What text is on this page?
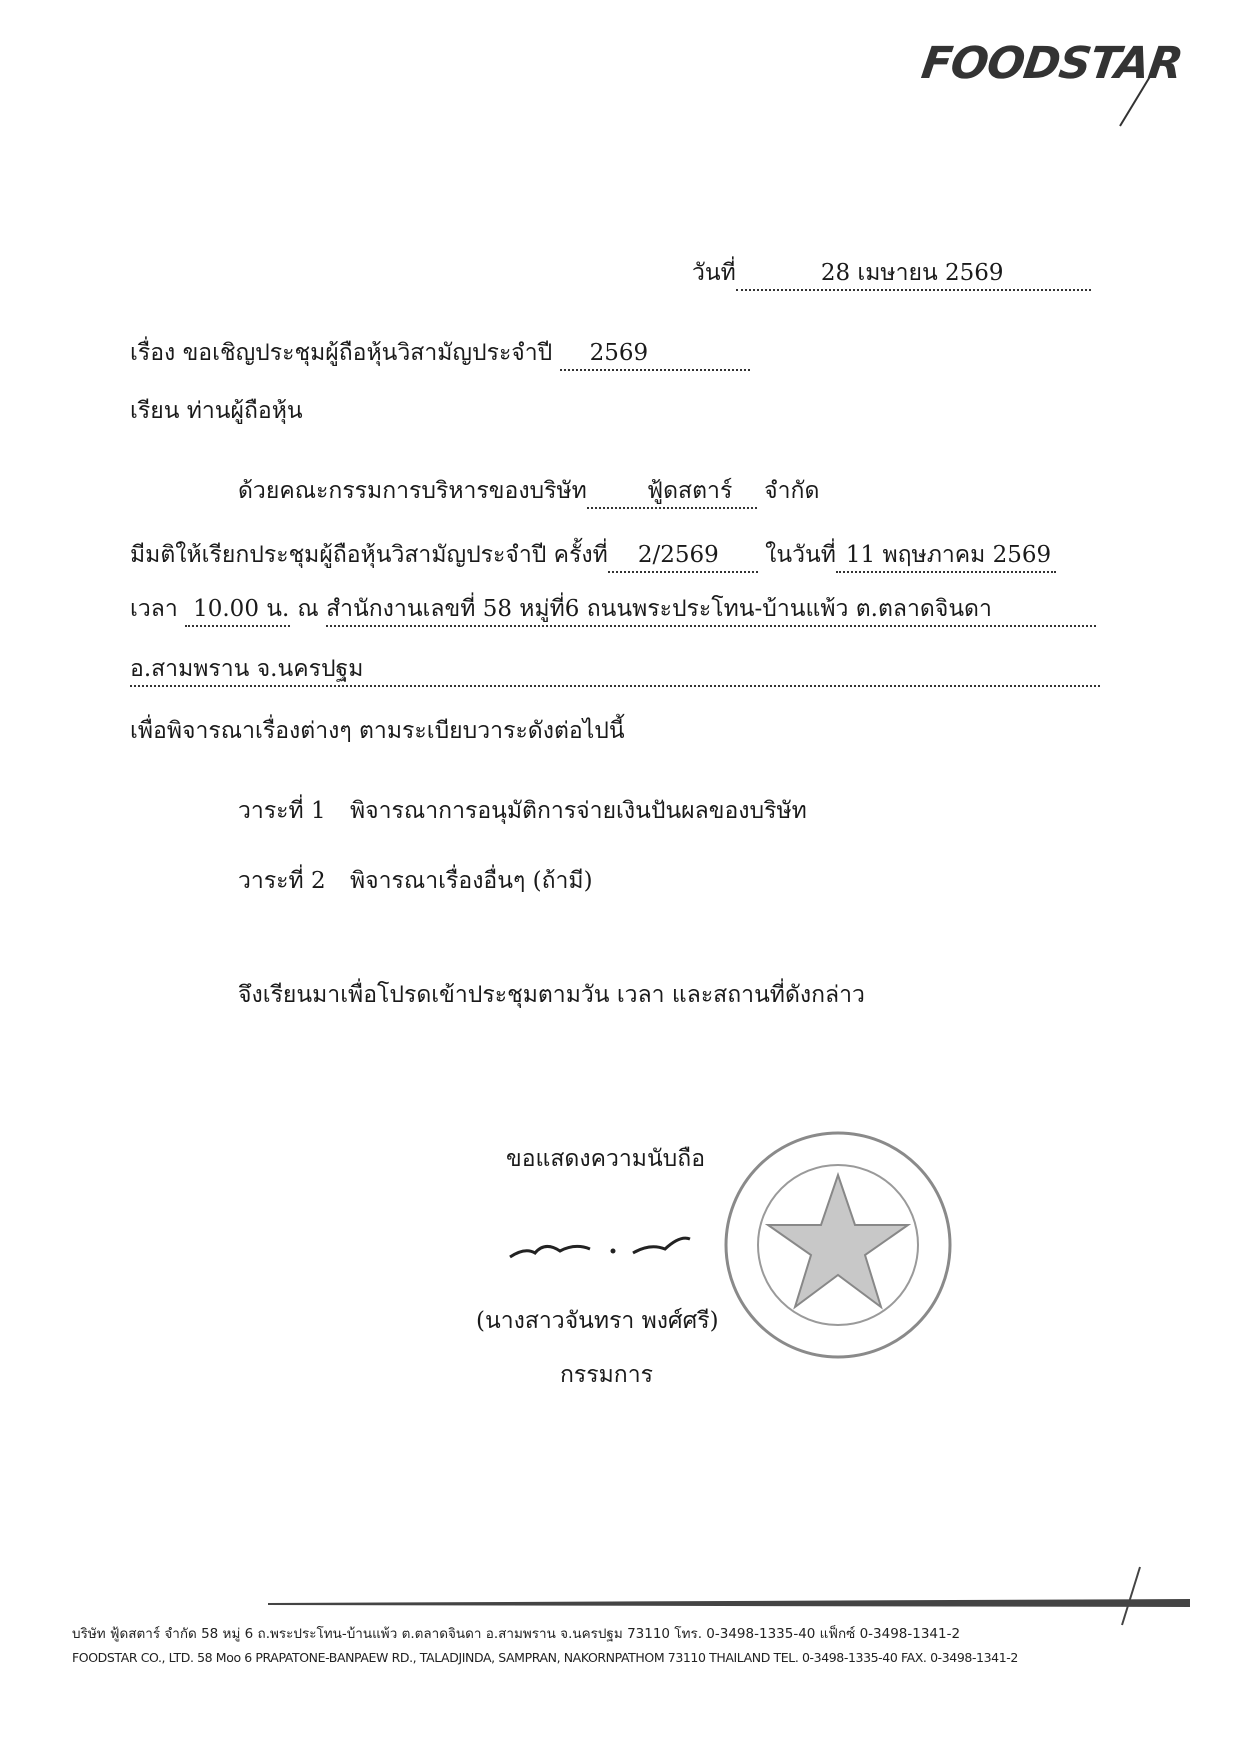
FOODSTAR
วันที่	28 เมษายน 2569
เรื่อง ขอเชิญประชุมผู้ถือหุ้นวิสามัญประจำปี 2569
เรียน ท่านผู้ถือหุ้น
ด้วยคณะกรรมการบริหารของบริษัท	ฟู้ดสตาร์ จำกัด
มีมติให้เรียกประชุมผู้ถือหุ้นวิสามัญประจำปี ครั้งที่ 2/2569 ในวันที่ 11 พฤษภาคม 2569
เวลา 10.00 น. ณ สำนักงานเลขที่ 58 หมู่ที่6 ถนนพระประโทน-บ้านแพ้ว ต.ตลาดจินดา
อ.สามพราน จ.นครปฐม
เพื่อพิจารณาเรื่องต่างๆ ตามระเบียบวาระดังต่อไปนี้
วาระที่ 1 พิจารณาการอนุมัติการจ่ายเงินปันผลของบริษัท
วาระที่ 2 พิจารณาเรื่องอื่นๆ (ถ้ามี)
จึงเรียนมาเพื่อโปรดเข้าประชุมตามวัน เวลา และสถานที่ดังกล่าว
ขอแสดงความนับถือ
(นางสาวจันทรา พงศ์ศรี)
กรรมการ
บริษัท ฟู้ดสตาร์ จำกัด 58 หมู่ 6 ถ.พระประโทน-บ้านแพ้ว ต.ตลาดจินดา อ.สามพราน จ.นครปฐม 73110 โทร. 0-3498-1335-40 แฟ็กซ์ 0-3498-1341-2
FOODSTAR CO., LTD. 58 Moo 6 PRAPATONE-BANPAEW RD., TALADJINDA, SAMPRAN, NAKORNPATHOM 73110 THAILAND TEL. 0-3498-1335-40 FAX. 0-3498-1341-2
